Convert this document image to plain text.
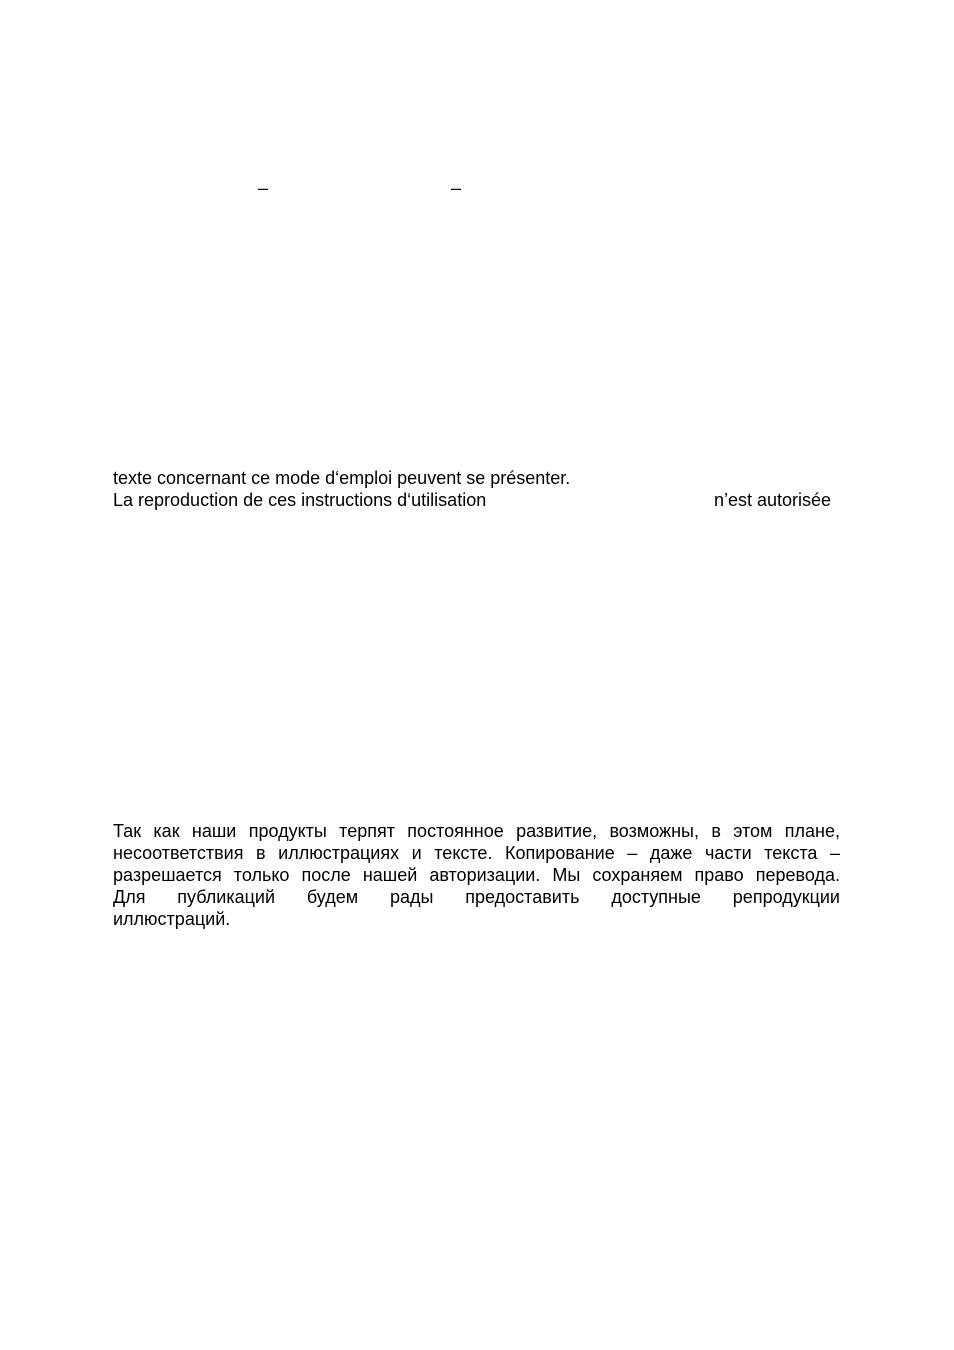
–	–
texte concernant ce mode d‘emploi peuvent se présenter.
La reproduction de ces instructions d‘utilisation	n’est autorisée
Так как наши продукты терпят постоянное развитие, возможны, в этом плане,
несоответствия в иллюстрациях и тексте. Копирование – даже части текста –
разрешается только после нашей авторизации. Мы сохраняем право перевода.
Для публикаций будем рады предоставить доступные репродукции
иллюстраций.
